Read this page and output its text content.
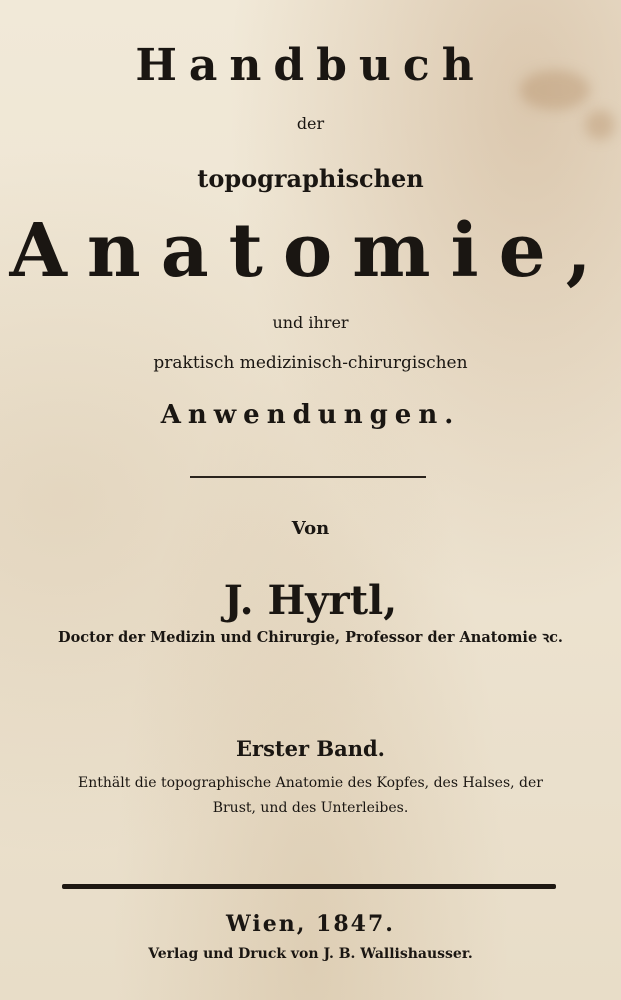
Handbuch
der
topographischen
Anatomie,
und ihrer
praktisch medizinisch-chirurgischen
Anwendungen.
Von
J. Hyrtl,
Doctor der Medizin und Chirurgie, Professor der Anatomie ꝛc.
Erster Band.
Enthält die topographische Anatomie des Kopfes, des Halses, der
Brust, und des Unterleibes.
Wien, 1847.
Verlag und Druck von J. B. Wallishausser.
